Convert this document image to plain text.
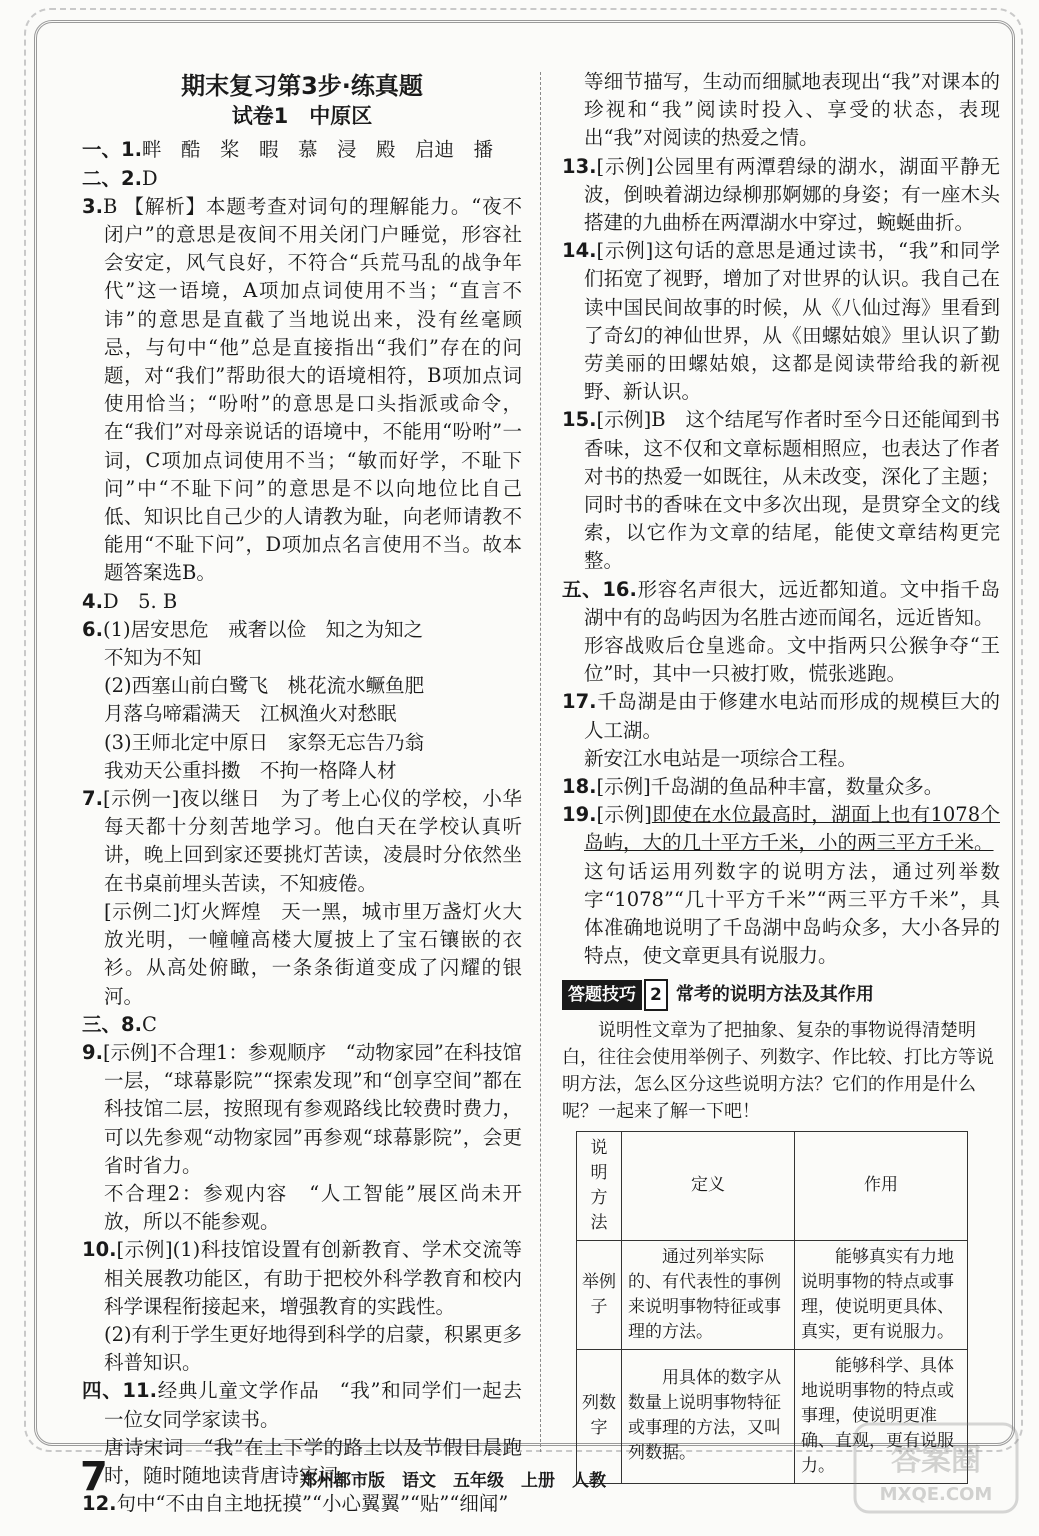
期末复习第3步·练真题
试卷1　中原区
一、1.畔　酷　桨　暇　慕　浸　殿　启迪　播
二、2.D
3.B 【解析】本题考查对词句的理解能力。“夜不闭户”的意思是夜间不用关闭门户睡觉，形容社会安定，风气良好，不符合“兵荒马乱的战争年代”这一语境，A项加点词使用不当；“直言不讳”的意思是直截了当地说出来，没有丝毫顾忌，与句中“他”总是直接指出“我们”存在的问题，对“我们”帮助很大的语境相符，B项加点词使用恰当；“吩咐”的意思是口头指派或命令，在“我们”对母亲说话的语境中，不能用“吩咐”一词，C项加点词使用不当；“敏而好学，不耻下问”中“不耻下问”的意思是不以向地位比自己低、知识比自己少的人请教为耻，向老师请教不能用“不耻下问”，D项加点名言使用不当。故本题答案选B。
4.D　5. B
6.(1)居安思危　戒奢以俭　知之为知之
不知为不知
(2)西塞山前白鹭飞　桃花流水鳜鱼肥
月落乌啼霜满天　江枫渔火对愁眠
(3)王师北定中原日　家祭无忘告乃翁
我劝天公重抖擞　不拘一格降人材
7.[示例一]夜以继日　为了考上心仪的学校，小华每天都十分刻苦地学习。他白天在学校认真听讲，晚上回到家还要挑灯苦读，凌晨时分依然坐在书桌前埋头苦读，不知疲倦。
[示例二]灯火辉煌　天一黑，城市里万盏灯火大放光明，一幢幢高楼大厦披上了宝石镶嵌的衣衫。从高处俯瞰，一条条街道变成了闪耀的银河。
三、8.C
9.[示例]不合理1：参观顺序　“动物家园”在科技馆一层，“球幕影院”“探索发现”和“创享空间”都在科技馆二层，按照现有参观路线比较费时费力，可以先参观“动物家园”再参观“球幕影院”，会更省时省力。
不合理2：参观内容　“人工智能”展区尚未开放，所以不能参观。
10.[示例](1)科技馆设置有创新教育、学术交流等相关展教功能区，有助于把校外科学教育和校内科学课程衔接起来，增强教育的实践性。
(2)有利于学生更好地得到科学的启蒙，积累更多科普知识。
四、11.经典儿童文学作品　“我”和同学们一起去一位女同学家读书。
唐诗宋词　“我”在上下学的路上以及节假日晨跑时，随时随地读背唐诗宋词。
12.句中“不由自主地抚摸”“小心翼翼”“贴”“细闻”
等细节描写，生动而细腻地表现出“我”对课本的珍视和“我”阅读时投入、享受的状态，表现出“我”对阅读的热爱之情。
13.[示例]公园里有两潭碧绿的湖水，湖面平静无波，倒映着湖边绿柳那婀娜的身姿；有一座木头搭建的九曲桥在两潭湖水中穿过，蜿蜒曲折。
14.[示例]这句话的意思是通过读书，“我”和同学们拓宽了视野，增加了对世界的认识。我自己在读中国民间故事的时候，从《八仙过海》里看到了奇幻的神仙世界，从《田螺姑娘》里认识了勤劳美丽的田螺姑娘，这都是阅读带给我的新视野、新认识。
15.[示例]B　这个结尾写作者时至今日还能闻到书香味，这不仅和文章标题相照应，也表达了作者对书的热爱一如既往，从未改变，深化了主题；同时书的香味在文中多次出现，是贯穿全文的线索，以它作为文章的结尾，能使文章结构更完整。
五、16.形容名声很大，远近都知道。文中指千岛湖中有的岛屿因为名胜古迹而闻名，远近皆知。
形容战败后仓皇逃命。文中指两只公猴争夺“王位”时，其中一只被打败，慌张逃跑。
17.千岛湖是由于修建水电站而形成的规模巨大的人工湖。
新安江水电站是一项综合工程。
18.[示例]千岛湖的鱼品种丰富，数量众多。
19.[示例]即使在水位最高时，湖面上也有1078个岛屿，大的几十平方千米，小的两三平方千米。
这句话运用列数字的说明方法，通过列举数字“1078”“几十平方千米”“两三平方千米”，具体准确地说明了千岛湖中岛屿众多，大小各异的特点，使文章更具有说服力。
答题技巧 2 常考的说明方法及其作用
说明性文章为了把抽象、复杂的事物说得清楚明白，往往会使用举例子、列数字、作比较、打比方等说明方法，怎么区分这些说明方法？它们的作用是什么呢？一起来了解一下吧！
说明方法	定义	作用
举例子	通过列举实际的、有代表性的事例来说明事物特征或事理的方法。	能够真实有力地说明事物的特点或事理，使说明更具体、真实，更有说服力。
列数字	用具体的数字从数量上说明事物特征或事理的方法，又叫列数据。	能够科学、具体地说明事物的特点或事理，使说明更准确、直观，更有说服力。
7	郑州都市版　语文　五年级　上册　人教
答案圈
MXQE.COM
